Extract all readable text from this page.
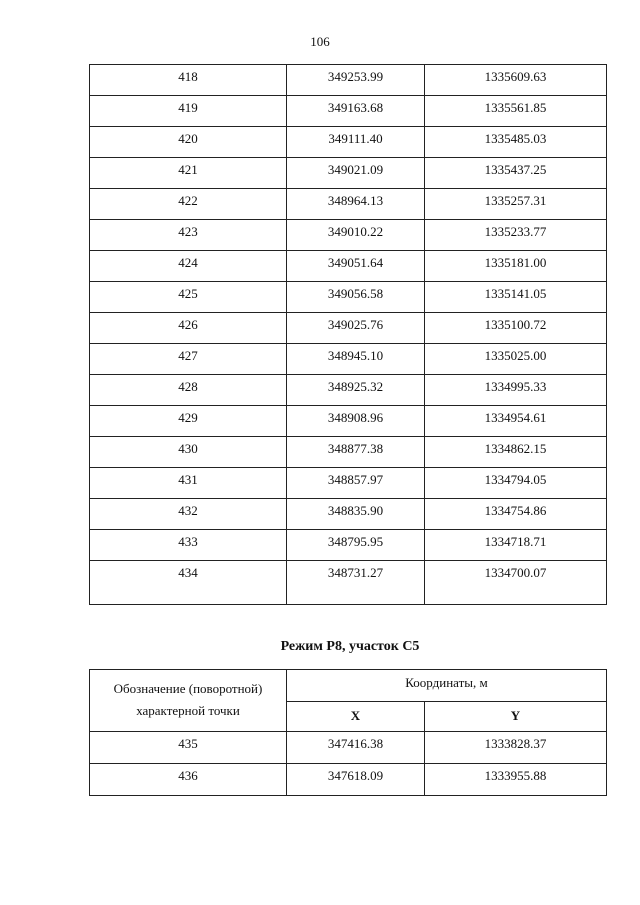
106
418	349253.99	1335609.63
419	349163.68	1335561.85
420	349111.40	1335485.03
421	349021.09	1335437.25
422	348964.13	1335257.31
423	349010.22	1335233.77
424	349051.64	1335181.00
425	349056.58	1335141.05
426	349025.76	1335100.72
427	348945.10	1335025.00
428	348925.32	1334995.33
429	348908.96	1334954.61
430	348877.38	1334862.15
431	348857.97	1334794.05
432	348835.90	1334754.86
433	348795.95	1334718.71
434	348731.27	1334700.07
Режим Р8, участок С5
Обозначение (поворотной)
характерной точки	Координаты, м	
	X	Y
435	347416.38	1333828.37
436	347618.09	1333955.88
